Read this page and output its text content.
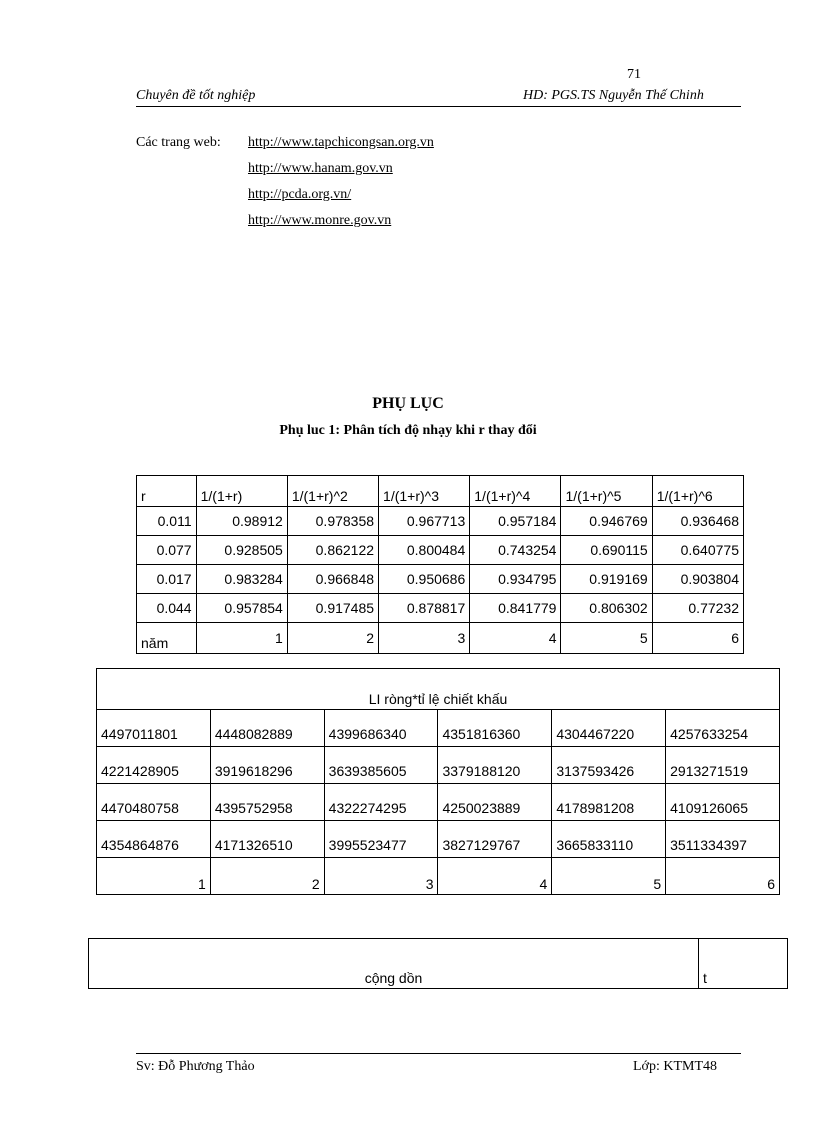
71
Chuyên đề tốt nghiệp	HD: PGS.TS Nguyễn Thế Chinh
Các trang web: http://www.tapchicongsan.org.vn
http://www.hanam.gov.vn
http://pcda.org.vn/
http://www.monre.gov.vn
PHỤ LỤC
Phụ luc 1: Phân tích độ nhạy khi r thay đổi
r	1/(1+r)	1/(1+r)^2	1/(1+r)^3	1/(1+r)^4	1/(1+r)^5	1/(1+r)^6
0.011	0.98912	0.978358	0.967713	0.957184	0.946769	0.936468
0.077	0.928505	0.862122	0.800484	0.743254	0.690115	0.640775
0.017	0.983284	0.966848	0.950686	0.934795	0.919169	0.903804
0.044	0.957854	0.917485	0.878817	0.841779	0.806302	0.77232
năm	1	2	3	4	5	6
LI ròng*tỉ lệ chiết khấu					
4497011801	4448082889	4399686340	4351816360	4304467220	4257633254
4221428905	3919618296	3639385605	3379188120	3137593426	2913271519
4470480758	4395752958	4322274295	4250023889	4178981208	4109126065
4354864876	4171326510	3995523477	3827129767	3665833110	3511334397
1	2	3	4	5	6
cộng dồn	t
Sv: Đỗ Phương Thảo	Lớp: KTMT48
